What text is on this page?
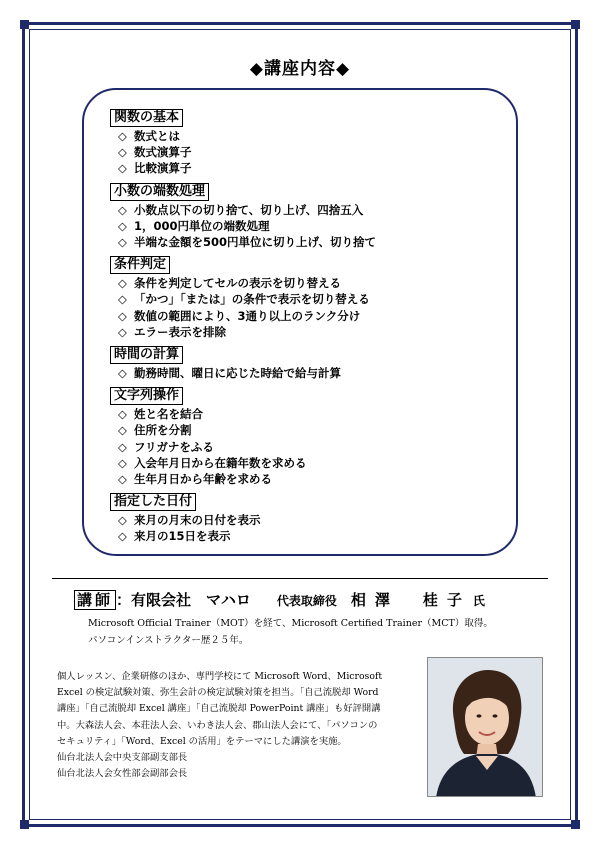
◆講座内容◆
関数の基本
◇ 数式とは
◇ 数式演算子
◇ 比較演算子
小数の端数処理
◇ 小数点以下の切り捨て、切り上げ、四捨五入
◇ 1，000円単位の端数処理
◇ 半端な金額を500円単位に切り上げ、切り捨て
条件判定
◇ 条件を判定してセルの表示を切り替える
◇ 「かつ」「または」の条件で表示を切り替える
◇ 数値の範囲により、3通り以上のランク分け
◇ エラー表示を排除
時間の計算
◇ 勤務時間、曜日に応じた時給で給与計算
文字列操作
◇ 姓と名を結合
◇ 住所を分割
◇ フリガナをふる
◇ 入会年月日から在籍年数を求める
◇ 生年月日から年齢を求める
指定した日付
◇ 来月の月末の日付を表示
◇ 来月の15日を表示
講師 ：有限会社　マハロ 代表取締役 相澤　桂子 氏
Microsoft Official Trainer（MOT）を経て、Microsoft Certified Trainer（MCT）取得。
パソコンインストラクター歴２５年。
個人レッスン、企業研修のほか、専門学校にて Microsoft Word、Microsoft
Excel の検定試験対策、弥生会計の検定試験対策を担当。「自己流脱却 Word
講座」「自己流脱却 Excel 講座」「自己流脱却 PowerPoint 講座」も好評開講
中。大森法人会、本荘法人会、いわき法人会、郡山法人会にて、「パソコンの
セキュリティ」「Word、Excel の活用」をテーマにした講演を実施。
仙台北法人会中央支部副支部長
仙台北法人会女性部会副部会長
